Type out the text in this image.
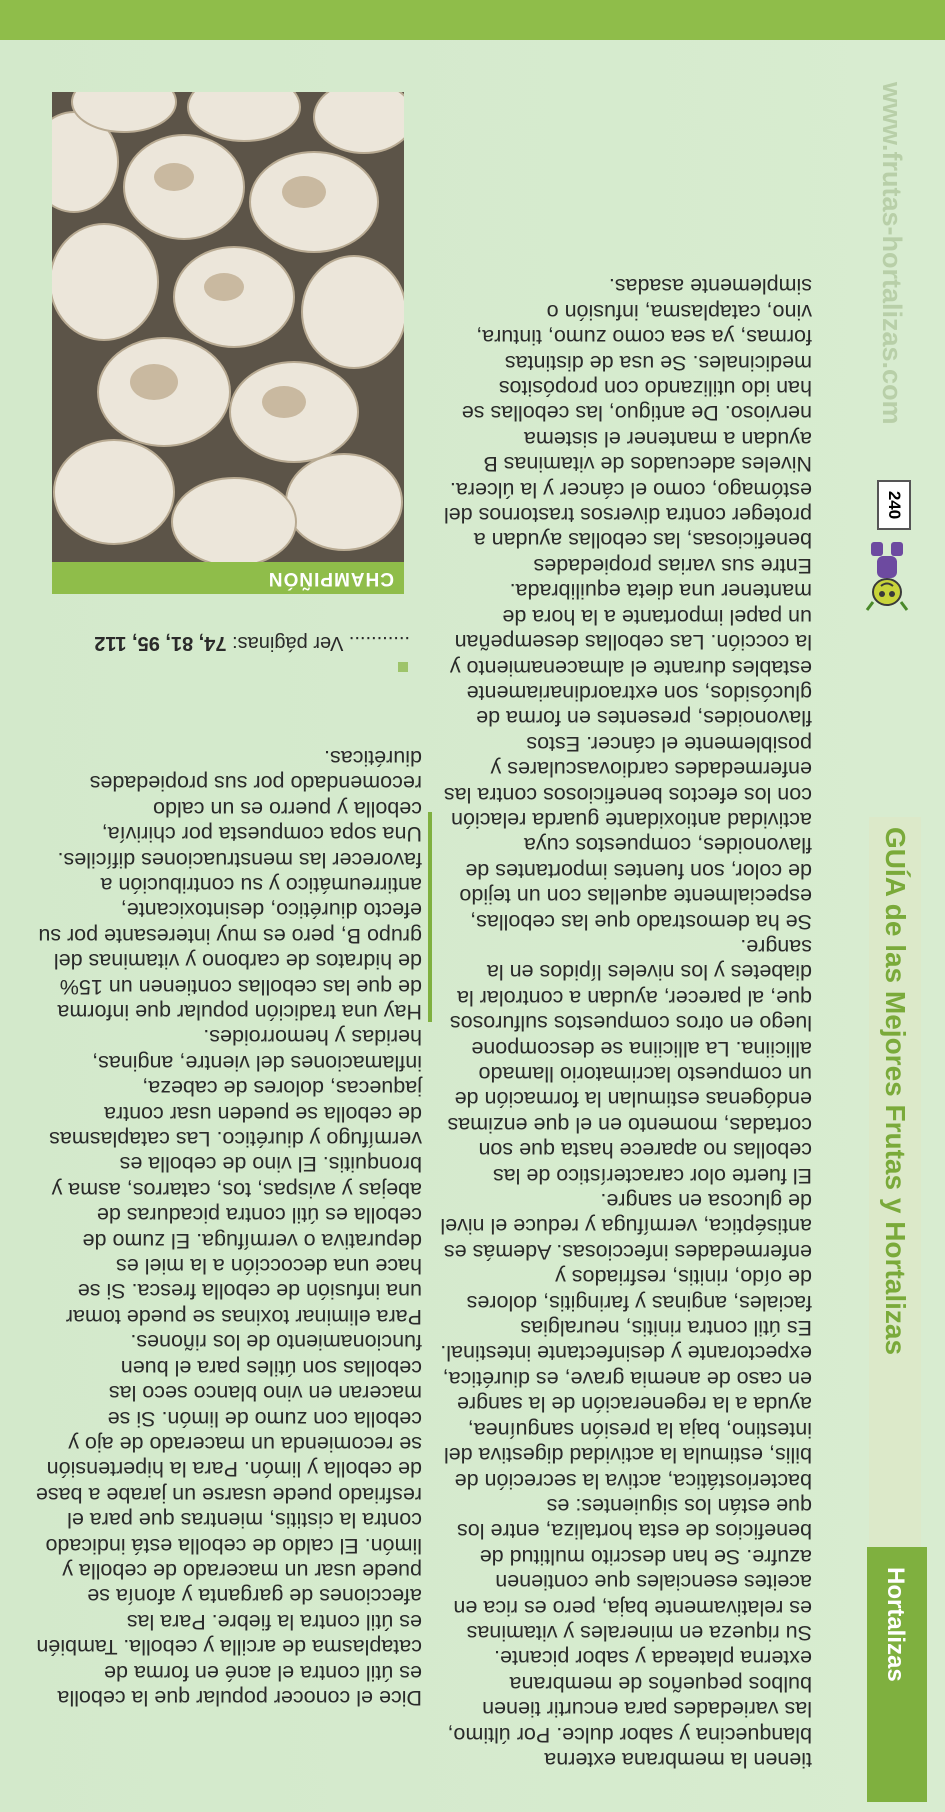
Hortalizas
GUÍA de las Mejores Frutas y Hortalizas
240
www.frutas-hortalizas.com

tienen la membrana externa blanquecina y sabor dulce. Por último, las variedades para encurtir tienen bulbos pequeños de membrana externa plateada y sabor picante.

Su riqueza en minerales y vitaminas es relativamente baja, pero es rica en aceites esenciales que contienen azufre. Se han descrito multitud de beneficios de esta hortaliza, entre los que están los siguientes: es bacteriostática, activa la secreción de bilis, estimula la actividad digestiva del intestino, baja la presión sanguínea, ayuda a la regeneración de la sangre en caso de anemia grave, es diurética, expectorante y desinfectante intestinal. Es útil contra rinitis, neuralgias faciales, anginas y faringitis, dolores de oído, rinitis, resfriados y enfermedades infecciosas. Además es antiséptica, vermífuga y reduce el nivel de glucosa en sangre.

El fuerte olor característico de las cebollas no aparece hasta que son cortadas, momento en el que enzimas endógenas estimulan la formación de un compuesto lacrimatorio llamado alliciina. La alliciina se descompone luego en otros compuestos sulfurosos que, al parecer, ayudan a controlar la diabetes y los niveles lípidos en la sangre.

Se ha demostrado que las cebollas, especialmente aquellas con un tejido de color, son fuentes importantes de flavonoides, compuestos cuya actividad antioxidante guarda relación con los efectos beneficiosos contra las enfermedades cardiovasculares y posiblemente el cáncer. Estos flavonoides, presentes en forma de glucósidos, son extraordinariamente estables durante el almacenamiento y la cocción. Las cebollas desempeñan un papel importante a la hora de mantener una dieta equilibrada.

Entre sus varias propiedades beneficiosas, las cebollas ayudan a proteger contra diversos trastornos del estómago, como el cáncer y la úlcera. Niveles adecuados de vitaminas B ayudan a mantener el sistema nervioso. De antiguo, las cebollas se han ido utilizando con propósitos medicinales. Se usa de distintas formas, ya sea como zumo, tintura, vino, cataplasma, infusión o simplemente asadas.

Dice el conocer popular que la cebolla es útil contra el acné en forma de cataplasma de arcilla y cebolla. También es útil contra la fiebre. Para las afecciones de garganta y afonía se puede usar un macerado de cebolla y limón. El caldo de cebolla está indicado contra la cistitis, mientras que para el resfriado puede usarse un jarabe a base de cebolla y limón. Para la hipertensión se recomienda un macerado de ajo y cebolla con zumo de limón. Si se maceran en vino blanco seco las cebollas son útiles para el buen funcionamiento de los riñones.

Para eliminar toxinas se puede tomar una infusión de cebolla fresca. Si se hace una decocción a la miel es depurativa o vermífuga. El zumo de cebolla es útil contra picaduras de abejas y avispas, tos, catarros, asma y bronquitis. El vino de cebolla es vermífugo y diurético. Las cataplasmas de cebolla se pueden usar contra jaquecas, dolores de cabeza, inflamaciones del vientre, anginas, heridas y hemorroides.

Hay una tradición popular que informa de que las cebollas contienen un 15% de hidratos de carbono y vitaminas del grupo B, pero es muy interesante por su efecto diurético, desintoxicante, antirreumático y su contribución a favorecer las menstruaciones difíciles. Una sopa compuesta por chirivía, cebolla y puerro es un caldo recomendado por sus propiedades diuréticas.

........... Ver páginas: 74, 81, 95, 112
CHAMPIÑÓN
